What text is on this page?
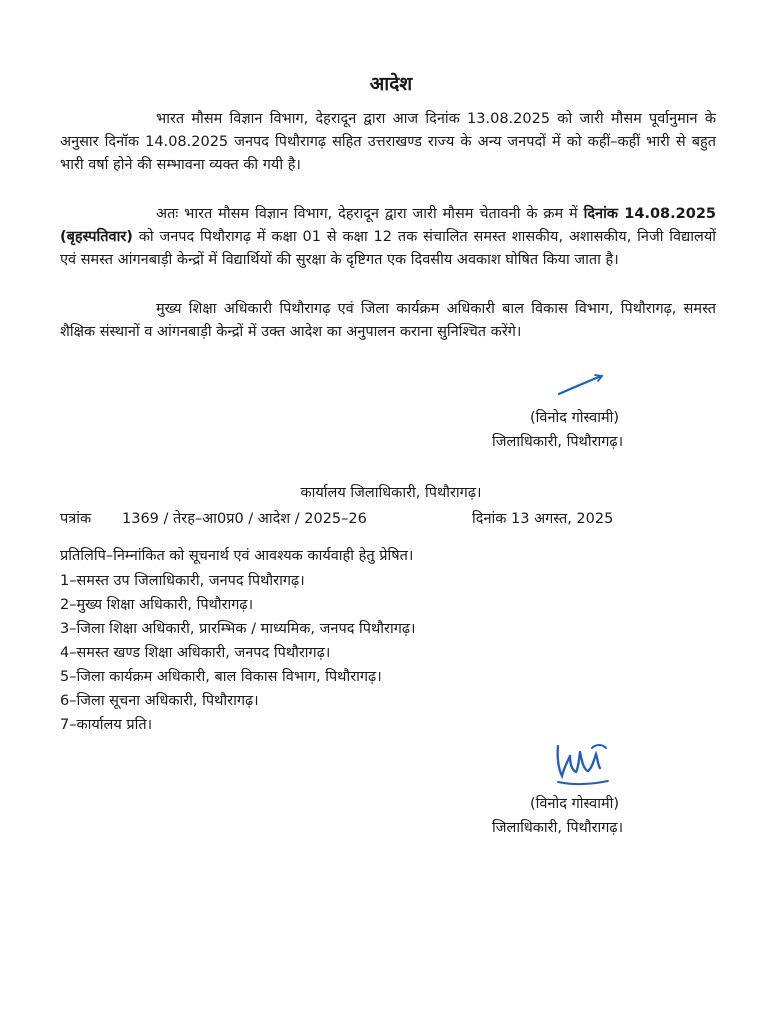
आदेश
भारत मौसम विज्ञान विभाग, देहरादून द्वारा आज दिनांक 13.08.2025 को जारी मौसम पूर्वानुमान के अनुसार दिनॉक 14.08.2025 जनपद पिथौरागढ़ सहित उत्तराखण्ड राज्य के अन्य जनपदों में को कहीं–कहीं भारी से बहुत भारी वर्षा होने की सम्भावना व्यक्त की गयी है।
अतः भारत मौसम विज्ञान विभाग, देहरादून द्वारा जारी मौसम चेतावनी के क्रम में दिनांक 14.08.2025 (बृहस्पतिवार) को जनपद पिथौरागढ़ में कक्षा 01 से कक्षा 12 तक संचालित समस्त शासकीय, अशासकीय, निजी विद्यालयों एवं समस्त आंगनबाड़ी केन्द्रों में विद्यार्थियों की सुरक्षा के दृष्टिगत एक दिवसीय अवकाश घोषित किया जाता है।
मुख्य शिक्षा अधिकारी पिथौरागढ़ एवं जिला कार्यक्रम अधिकारी बाल विकास विभाग, पिथौरागढ़, समस्त शैक्षिक संस्थानों व आंगनबाड़ी केन्द्रों में उक्त आदेश का अनुपालन कराना सुनिश्चित करेंगे।
(विनोद गोस्वामी)
जिलाधिकारी, पिथौरागढ़।
कार्यालय जिलाधिकारी, पिथौरागढ़।
पत्रांक 1369 / तेरह–आ0प्र0 / आदेश / 2025–26	दिनांक 13 अगस्त, 2025
प्रतिलिपि–निम्नांकित को सूचनार्थ एवं आवश्यक कार्यवाही हेतु प्रेषित।
1–समस्त उप जिलाधिकारी, जनपद पिथौरागढ़।
2–मुख्य शिक्षा अधिकारी, पिथौरागढ़।
3–जिला शिक्षा अधिकारी, प्रारम्भिक / माध्यमिक, जनपद पिथौरागढ़।
4–समस्त खण्ड शिक्षा अधिकारी, जनपद पिथौरागढ़।
5–जिला कार्यक्रम अधिकारी, बाल विकास विभाग, पिथौरागढ़।
6–जिला सूचना अधिकारी, पिथौरागढ़।
7–कार्यालय प्रति।
(विनोद गोस्वामी)
जिलाधिकारी, पिथौरागढ़।
